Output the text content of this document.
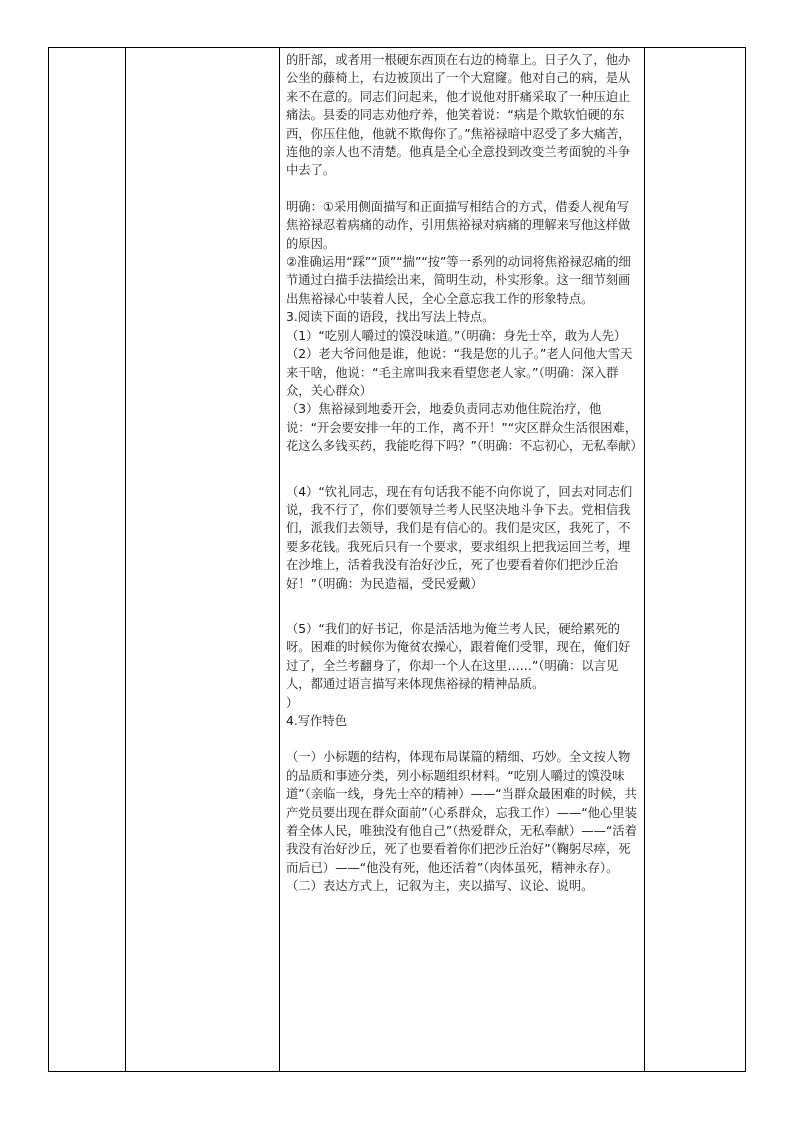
的肝部，或者用一根硬东西顶在右边的椅靠上。日子久了，他办公坐的藤椅上，右边被顶出了一个大窟窿。他对自己的病，是从来不在意的。同志们问起来，他才说他对肝痛采取了一种压迫止痛法。县委的同志劝他疗养，他笑着说：“病是个欺软怕硬的东西，你压住他，他就不欺侮你了。”焦裕禄暗中忍受了多大痛苦，连他的亲人也不清楚。他真是全心全意投到改变兰考面貌的斗争中去了。

明确：①采用侧面描写和正面描写相结合的方式，借委人视角写焦裕禄忍着病痛的动作，引用焦裕禄对病痛的理解来写他这样做的原因。

②准确运用“踩”“顶”“揣”“按”等一系列的动词将焦裕禄忍痛的细节通过白描手法描绘出来，简明生动，朴实形象。这一细节刻画出焦裕禄心中装着人民，全心全意忘我工作的形象特点。

3.阅读下面的语段，找出写法上特点。

（1）“吃别人嚼过的馍没味道。”（明确：身先士卒，敢为人先）

（2）老大爷问他是谁，他说：“我是您的儿子。”老人问他大雪天来干啥，他说：“毛主席叫我来看望您老人家。”（明确：深入群众，关心群众）

（3）焦裕禄到地委开会，地委负责同志劝他住院治疗，他说：“开会要安排一年的工作，离不开！”“灾区群众生活很困难，花这么多钱买药，我能吃得下吗？”（明确：不忘初心，无私奉献）

（4）“钦礼同志，现在有句话我不能不向你说了，回去对同志们说，我不行了，你们要领导兰考人民坚决地斗争下去。党相信我们，派我们去领导，我们是有信心的。我们是灾区，我死了，不要多花钱。我死后只有一个要求，要求组织上把我运回兰考，埋在沙堆上，活着我没有治好沙丘，死了也要看着你们把沙丘治好！”（明确：为民造福，受民爱戴）

（5）“我们的好书记，你是活活地为俺兰考人民，硬给累死的呀。困难的时候你为俺贫农操心，跟着俺们受罪，现在，俺们好过了，全兰考翻身了，你却一个人在这里……”（明确：以言见人，都通过语言描写来体现焦裕禄的精神品质。

）

4.写作特色

（一）小标题的结构，体现布局谋篇的精细、巧妙。全文按人物的品质和事迹分类，列小标题组织材料。“吃别人嚼过的馍没味道”（亲临一线，身先士卒的精神）——“当群众最困难的时候，共产党员要出现在群众面前”（心系群众，忘我工作）——“他心里装着全体人民，唯独没有他自己”（热爱群众，无私奉献）——“活着我没有治好沙丘，死了也要看着你们把沙丘治好”（鞠躬尽瘁，死而后已）——“他没有死，他还活着”（肉体虽死，精神永存）。

（二）表达方式上，记叙为主，夹以描写、议论、说明。
